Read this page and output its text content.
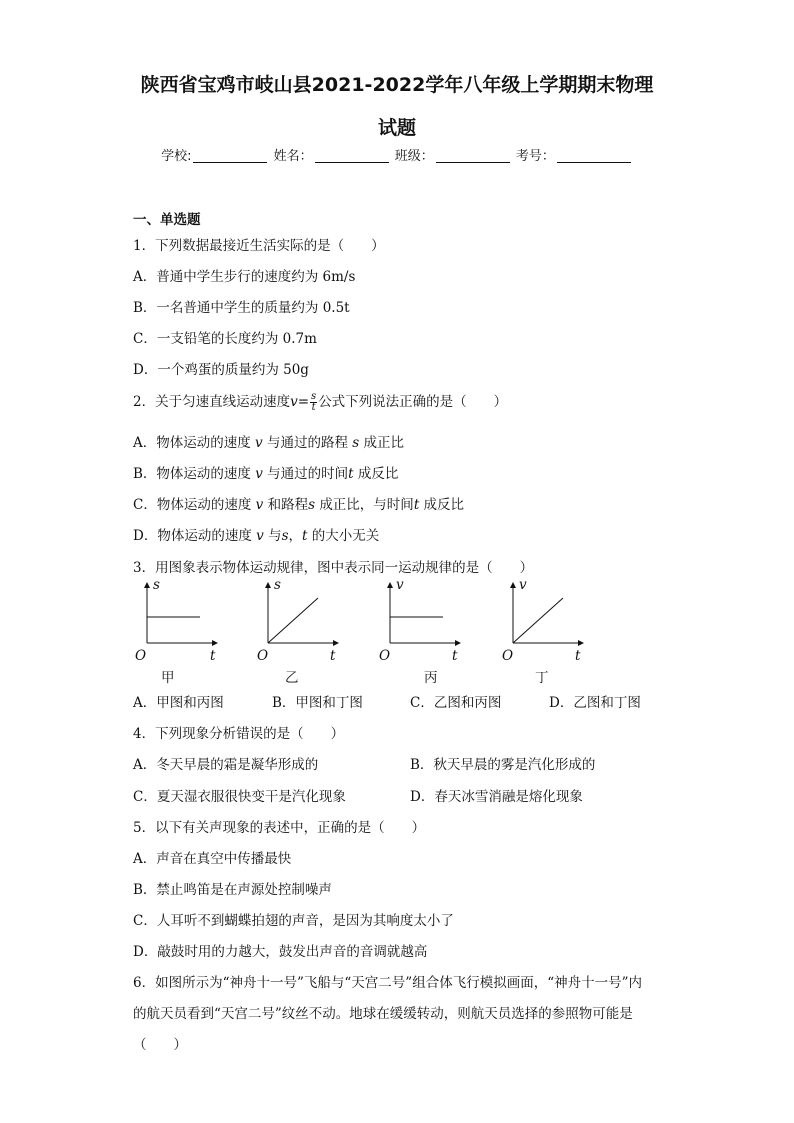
陕西省宝鸡市岐山县2021-2022学年八年级上学期期末物理
试题
学校:	姓名：	班级：	考号：
一、单选题
1．下列数据最接近生活实际的是（　　）
A．普通中学生步行的速度约为 6m/s
B．一名普通中学生的质量约为 0.5t
C．一支铅笔的长度约为 0.7m
D．一个鸡蛋的质量约为 50g
2．关于匀速直线运动速度$v= \frac{s}{t}$ 公式下列说法正确的是（　　）
A．物体运动的速度 v 与通过的路程 s 成正比
B．物体运动的速度 v 与通过的时间t 成反比
C．物体运动的速度 v 和路程s 成正比，与时间t 成反比
D．物体运动的速度 v 与s，t 的大小无关
3．用图象表示物体运动规律，图中表示同一运动规律的是（　　）
s
O	t
甲
s
O	t
乙
v
O	t
丙
v
O	t
丁
A．甲图和丙图	B．甲图和丁图	C．乙图和丙图	D．乙图和丁图
4．下列现象分析错误的是（　　）
A．冬天早晨的霜是凝华形成的	B．秋天早晨的雾是汽化形成的
C．夏天湿衣服很快变干是汽化现象	D．春天冰雪消融是熔化现象
5．以下有关声现象的表述中，正确的是（　　）
A．声音在真空中传播最快
B．禁止鸣笛是在声源处控制噪声
C．人耳听不到蝴蝶拍翅的声音，是因为其响度太小了
D．敲鼓时用的力越大，鼓发出声音的音调就越高
6．如图所示为“神舟十一号”飞船与“天宫二号”组合体飞行模拟画面，“神舟十一号”内
的航天员看到“天宫二号”纹丝不动。地球在缓缓转动，则航天员选择的参照物可能是
（　　）
